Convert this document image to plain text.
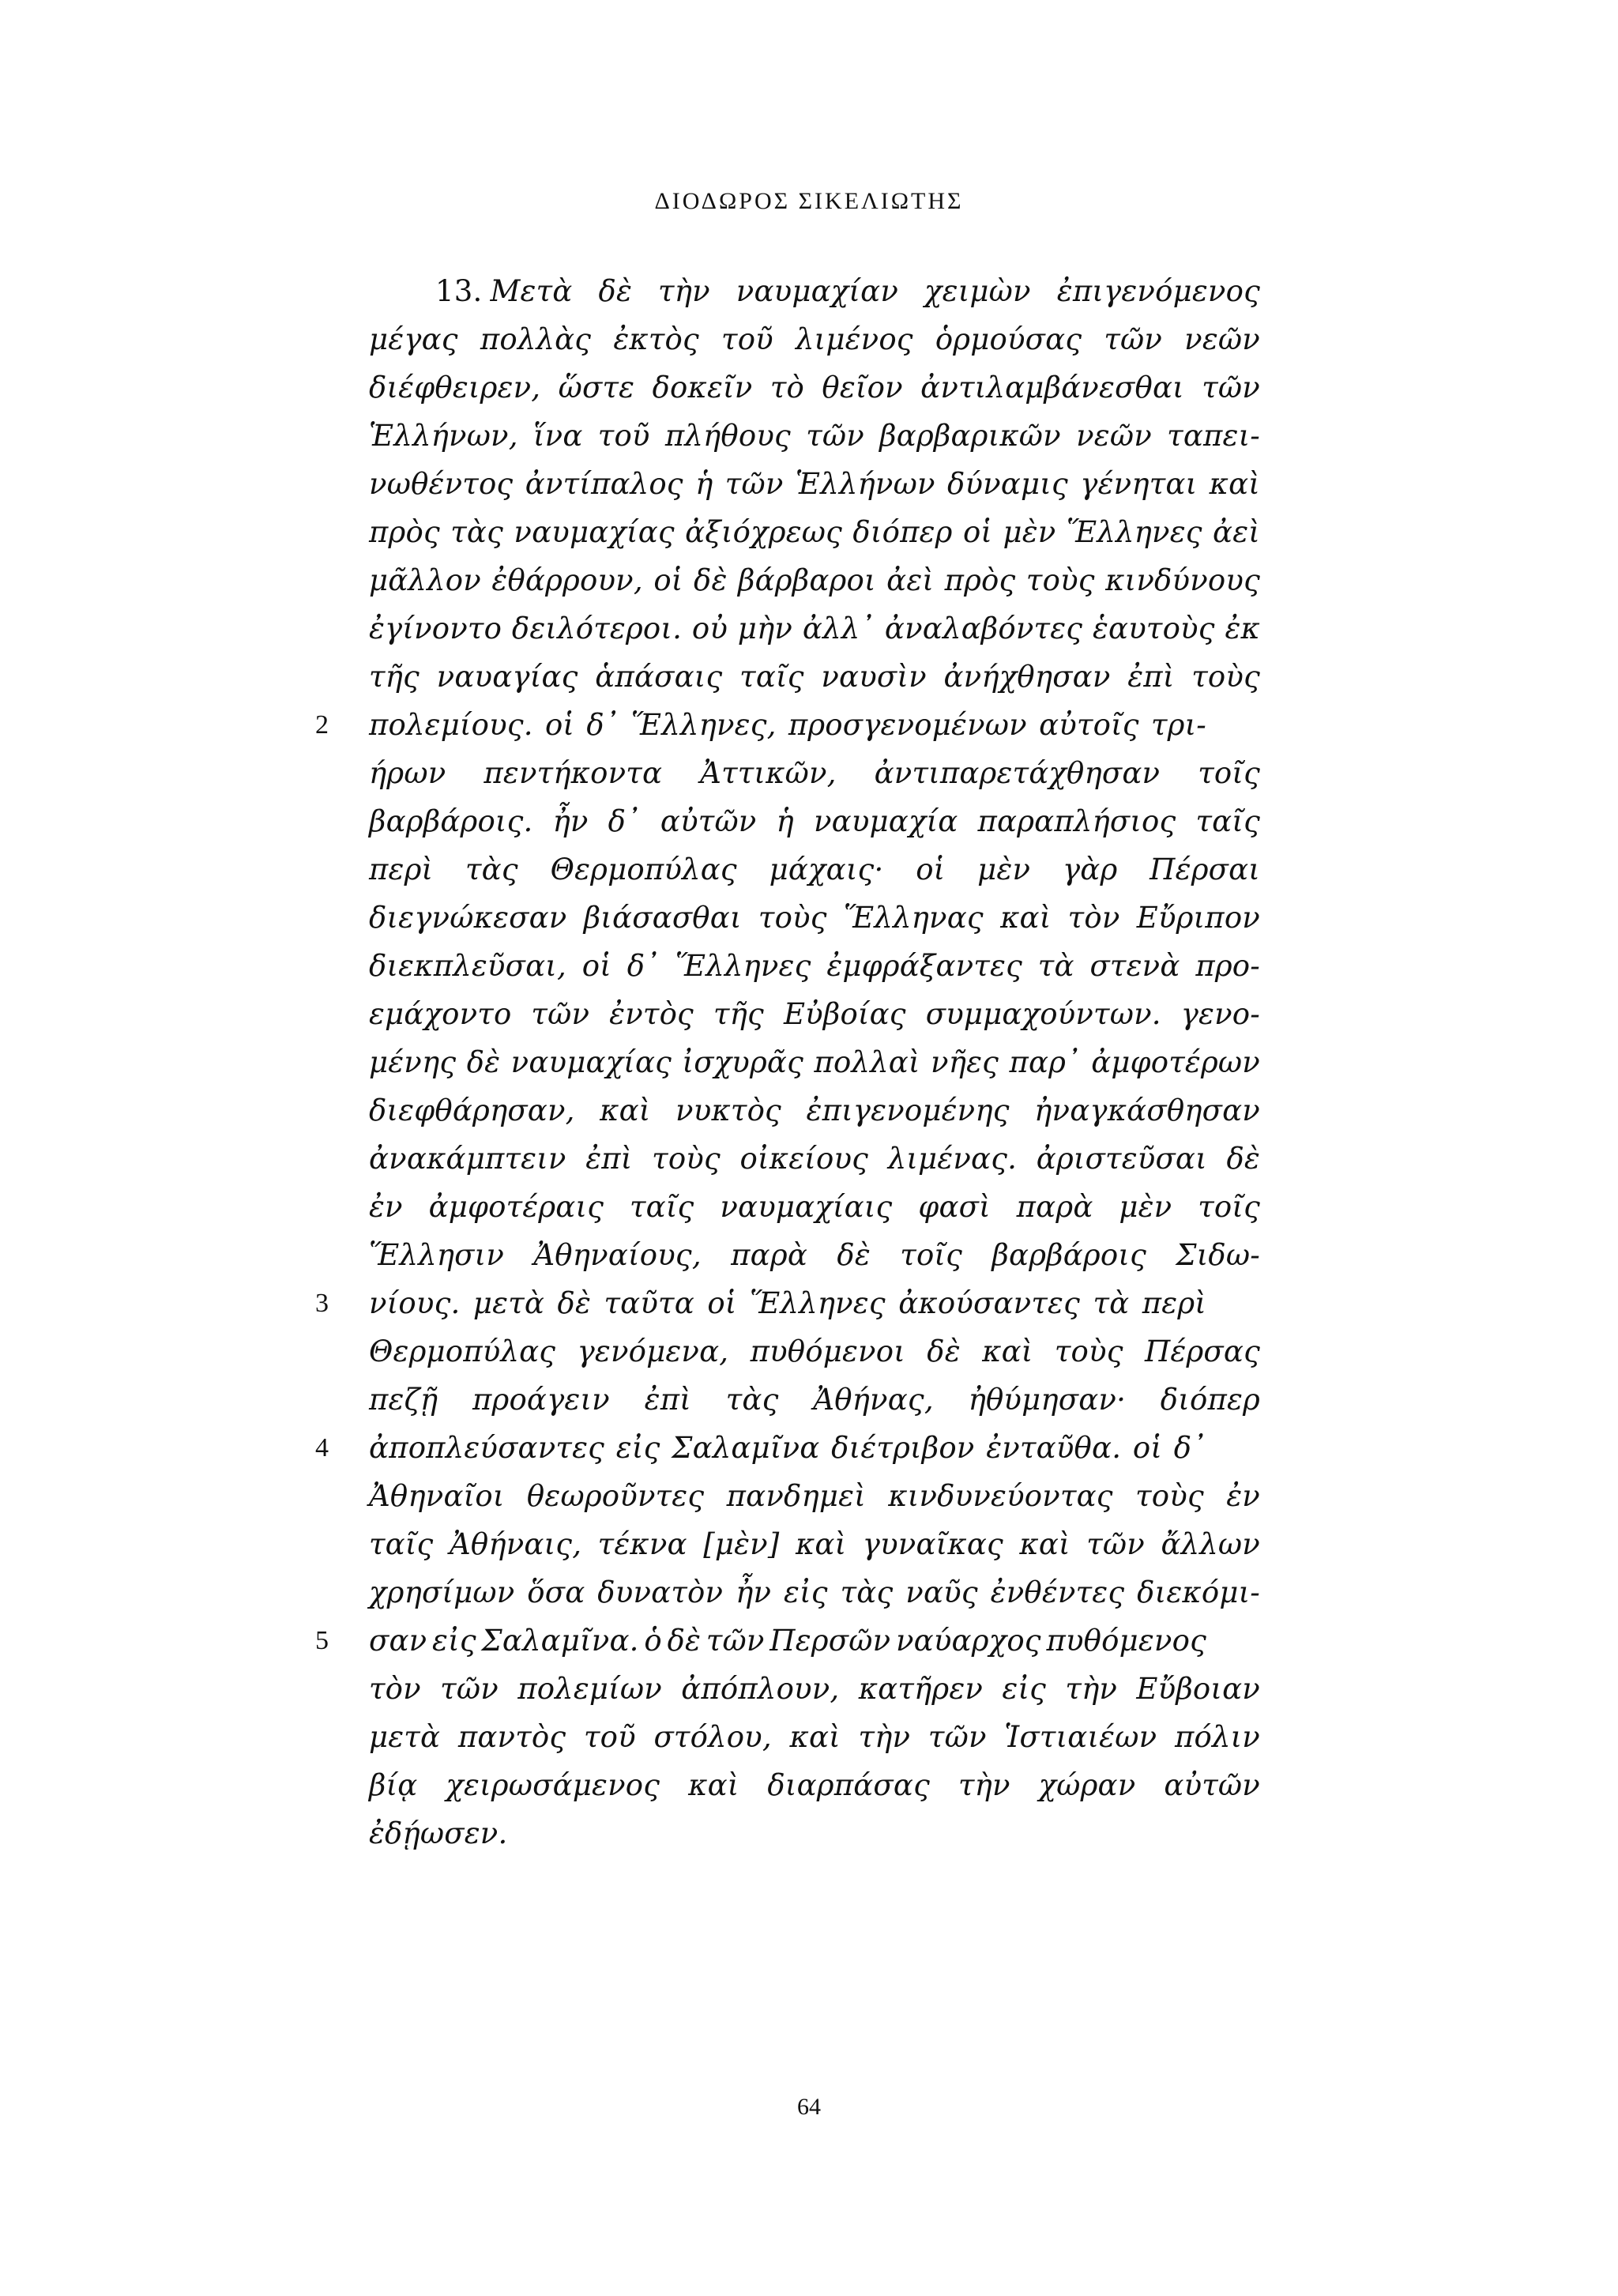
ΔΙΟΔΩΡΟΣ ΣΙΚΕΛΙΩΤΗΣ
13. Μετὰ δὲ τὴν ναυμαχίαν χειμὼν ἐπιγενόμενος
μέγας πολλὰς ἐκτὸς τοῦ λιμένος ὁρμούσας τῶν νεῶν
διέφθειρεν, ὥστε δοκεῖν τὸ θεῖον ἀντιλαμβάνεσθαι τῶν
Ἑλλήνων, ἵνα τοῦ πλήθους τῶν βαρβαρικῶν νεῶν ταπει-
νωθέντος ἀντίπαλος ἡ τῶν Ἑλλήνων δύναμις γένηται καὶ
πρὸς τὰς ναυμαχίας ἀξιόχρεως διόπερ οἱ μὲν Ἕλληνες ἀεὶ
μᾶλλον ἐθάρρουν, οἱ δὲ βάρβαροι ἀεὶ πρὸς τοὺς κινδύνους
ἐγίνοντο δειλότεροι. οὐ μὴν ἀλλ᾽ ἀναλαβόντες ἑαυτοὺς ἐκ
τῆς ναυαγίας ἁπάσαις ταῖς ναυσὶν ἀνήχθησαν ἐπὶ τοὺς
2 πολεμίους. οἱ δ᾽ Ἕλληνες, προσγενομένων αὐτοῖς τρι-
ήρων πεντήκοντα Ἀττικῶν, ἀντιπαρετάχθησαν τοῖς
βαρβάροις. ἦν δ᾽ αὐτῶν ἡ ναυμαχία παραπλήσιος ταῖς
περὶ τὰς Θερμοπύλας μάχαις· οἱ μὲν γὰρ Πέρσαι
διεγνώκεσαν βιάσασθαι τοὺς Ἕλληνας καὶ τὸν Εὔριπον
διεκπλεῦσαι, οἱ δ᾽ Ἕλληνες ἐμφράξαντες τὰ στενὰ προ-
εμάχοντο τῶν ἐντὸς τῆς Εὐβοίας συμμαχούντων. γενο-
μένης δὲ ναυμαχίας ἰσχυρᾶς πολλαὶ νῆες παρ᾽ ἀμφοτέρων
διεφθάρησαν, καὶ νυκτὸς ἐπιγενομένης ἠναγκάσθησαν
ἀνακάμπτειν ἐπὶ τοὺς οἰκείους λιμένας. ἀριστεῦσαι δὲ
ἐν ἀμφοτέραις ταῖς ναυμαχίαις φασὶ παρὰ μὲν τοῖς
Ἕλλησιν Ἀθηναίους, παρὰ δὲ τοῖς βαρβάροις Σιδω-
3 νίους. μετὰ δὲ ταῦτα οἱ Ἕλληνες ἀκούσαντες τὰ περὶ
Θερμοπύλας γενόμενα, πυθόμενοι δὲ καὶ τοὺς Πέρσας
πεζῇ προάγειν ἐπὶ τὰς Ἀθήνας, ἠθύμησαν· διόπερ
4 ἀποπλεύσαντες εἰς Σαλαμῖνα διέτριβον ἐνταῦθα. οἱ δ᾽
Ἀθηναῖοι θεωροῦντες πανδημεὶ κινδυνεύοντας τοὺς ἐν
ταῖς Ἀθήναις, τέκνα [μὲν] καὶ γυναῖκας καὶ τῶν ἄλλων
χρησίμων ὅσα δυνατὸν ἦν εἰς τὰς ναῦς ἐνθέντες διεκόμι-
5 σαν εἰς Σαλαμῖνα. ὁ δὲ τῶν Περσῶν ναύαρχος πυθόμενος
τὸν τῶν πολεμίων ἀπόπλουν, κατῆρεν εἰς τὴν Εὔβοιαν
μετὰ παντὸς τοῦ στόλου, καὶ τὴν τῶν Ἱστιαιέων πόλιν
βίᾳ χειρωσάμενος καὶ διαρπάσας τὴν χώραν αὐτῶν
ἐδῄωσεν.
64
